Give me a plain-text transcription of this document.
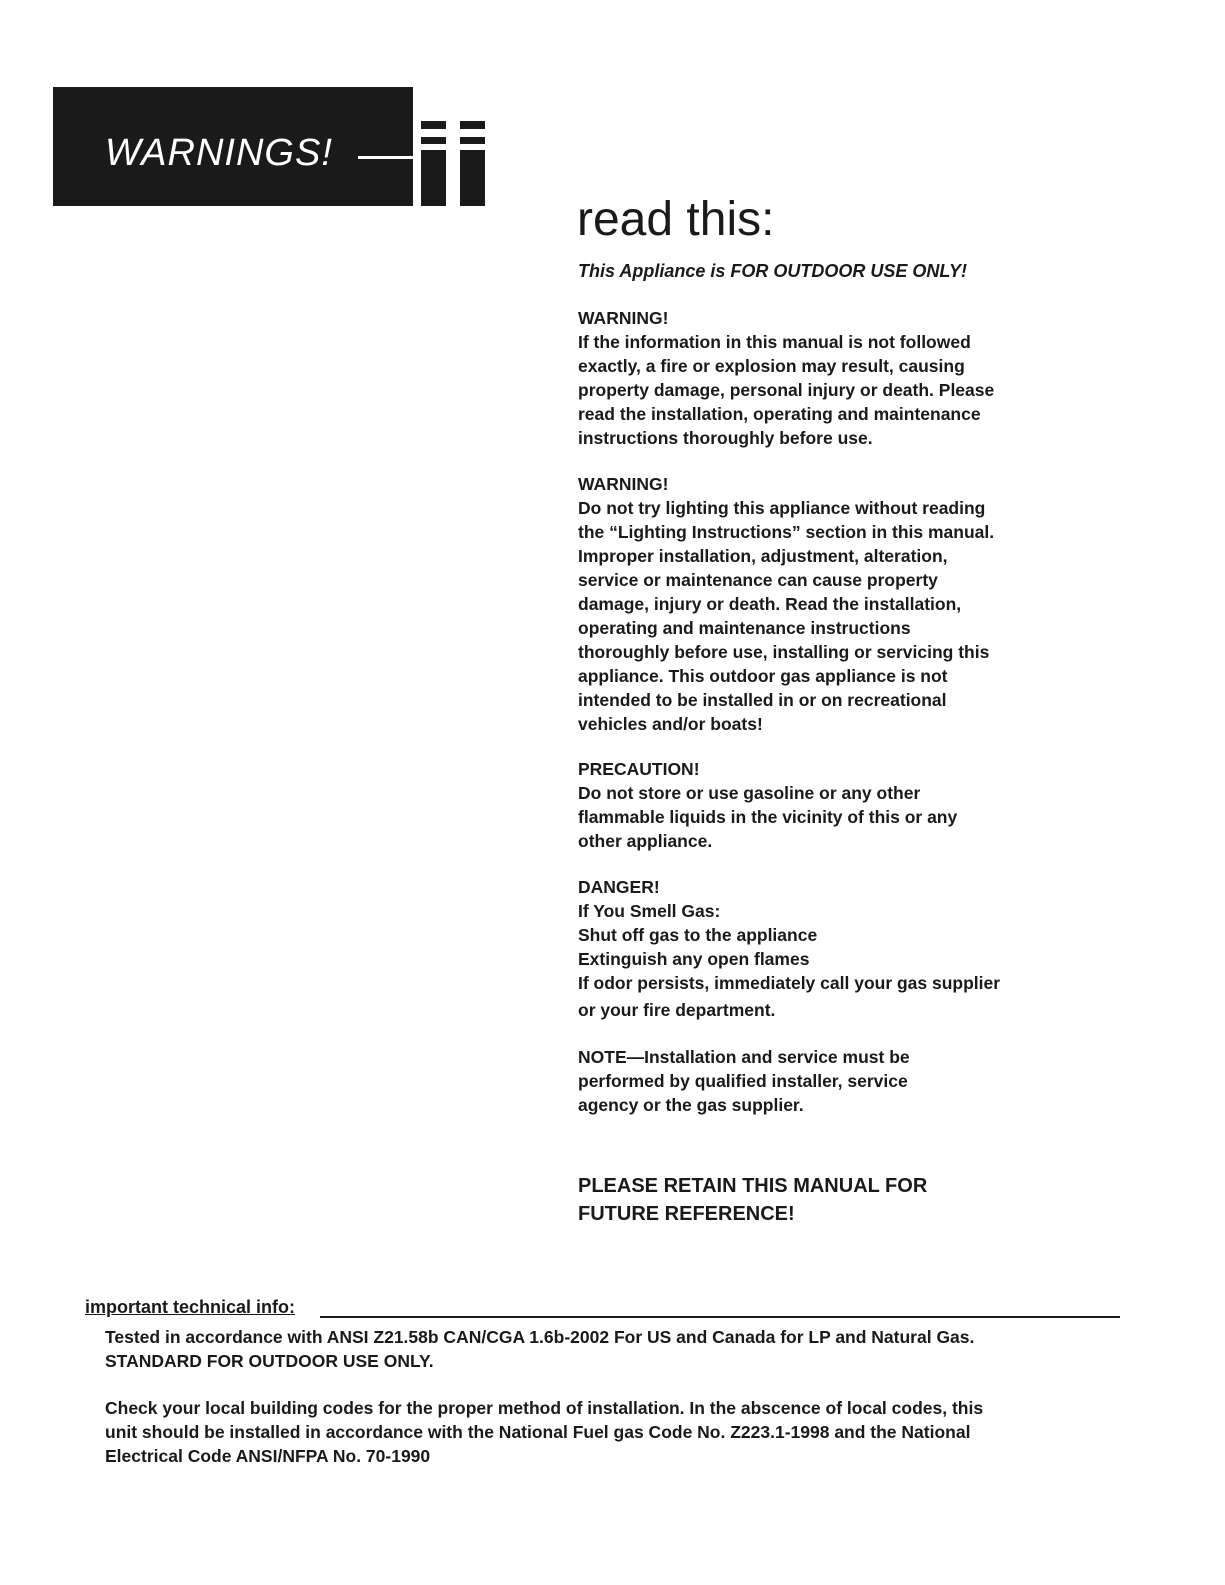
WARNINGS!
read this:
This Appliance is FOR OUTDOOR USE ONLY!
WARNING!
If the information in this manual is not followed
exactly, a fire or explosion may result, causing
property damage, personal injury or death. Please
read the installation, operating and maintenance
instructions thoroughly before use.
WARNING!
Do not try lighting this appliance without reading
the “Lighting Instructions” section in this manual.
Improper installation, adjustment, alteration,
service or maintenance can cause property
damage, injury or death. Read the installation,
operating and maintenance instructions
thoroughly before use, installing or servicing this
appliance. This outdoor gas appliance is not
intended to be installed in or on recreational
vehicles and/or boats!
PRECAUTION!
Do not store or use gasoline or any other
flammable liquids in the vicinity of this or any
other appliance.
DANGER!
If You Smell Gas:
Shut off gas to the appliance
Extinguish any open flames
If odor persists, immediately call your gas supplier
or your fire department.
NOTE—Installation and service must be
performed by qualified installer, service
agency or the gas supplier.
PLEASE RETAIN THIS MANUAL FOR
FUTURE REFERENCE!
important technical info:
Tested in accordance with ANSI Z21.58b CAN/CGA 1.6b-2002 For US and Canada for LP and Natural Gas.
STANDARD FOR OUTDOOR USE ONLY.
Check your local building codes for the proper method of installation. In the abscence of local codes, this
unit should be installed in accordance with the National Fuel gas Code No. Z223.1-1998 and the National
Electrical Code ANSI/NFPA No. 70-1990
